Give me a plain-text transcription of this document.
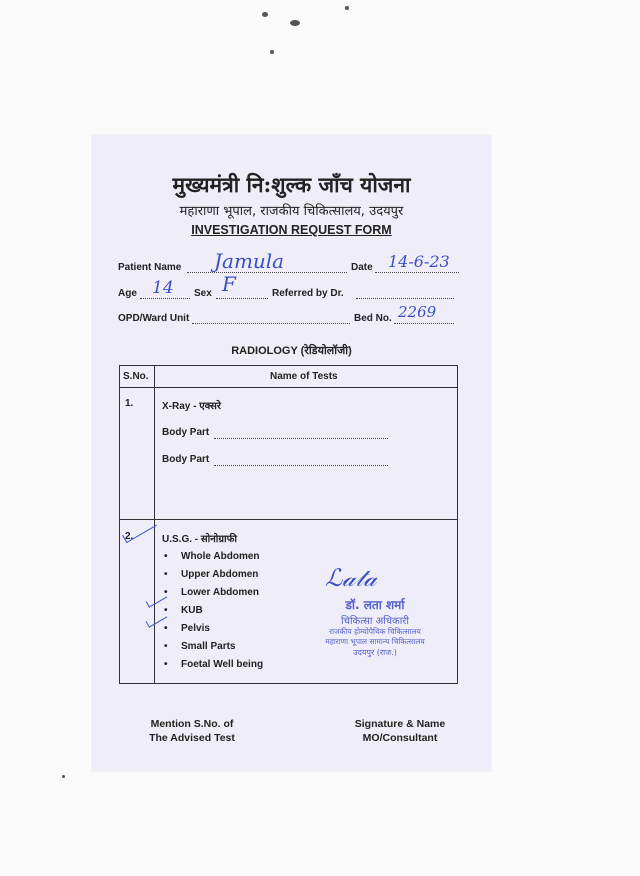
मुख्यमंत्री नि:शुल्क जाँच योजना
महाराणा भूपाल, राजकीय चिकित्सालय, उदयपुर
INVESTIGATION REQUEST FORM
Patient Name Jamula	Date 14-6-23
Age 14 Sex F	Referred by Dr.
OPD/Ward Unit	Bed No. 2269
RADIOLOGY (रेडियोलॉजी)
S.No.	Name of Tests
1.	X-Ray - एक्सरे
Body Part
Body Part
2.	U.S.G. - सोनोग्राफी
• Whole Abdomen
• Upper Abdomen
• Lower Abdomen
• KUB
• Pelvis
• Small Parts
• Foetal Well being
ℒ𝒶𝓉𝒶
डॉ. लता शर्मा
चिकित्सा अधिकारी
राजकीय होम्योपैथिक चिकित्सालय
महाराणा भूपाल सामान्य चिकित्सालय
उदयपुर (राज.)
Mention S.No. of
The Advised Test
Signature & Name
MO/Consultant
